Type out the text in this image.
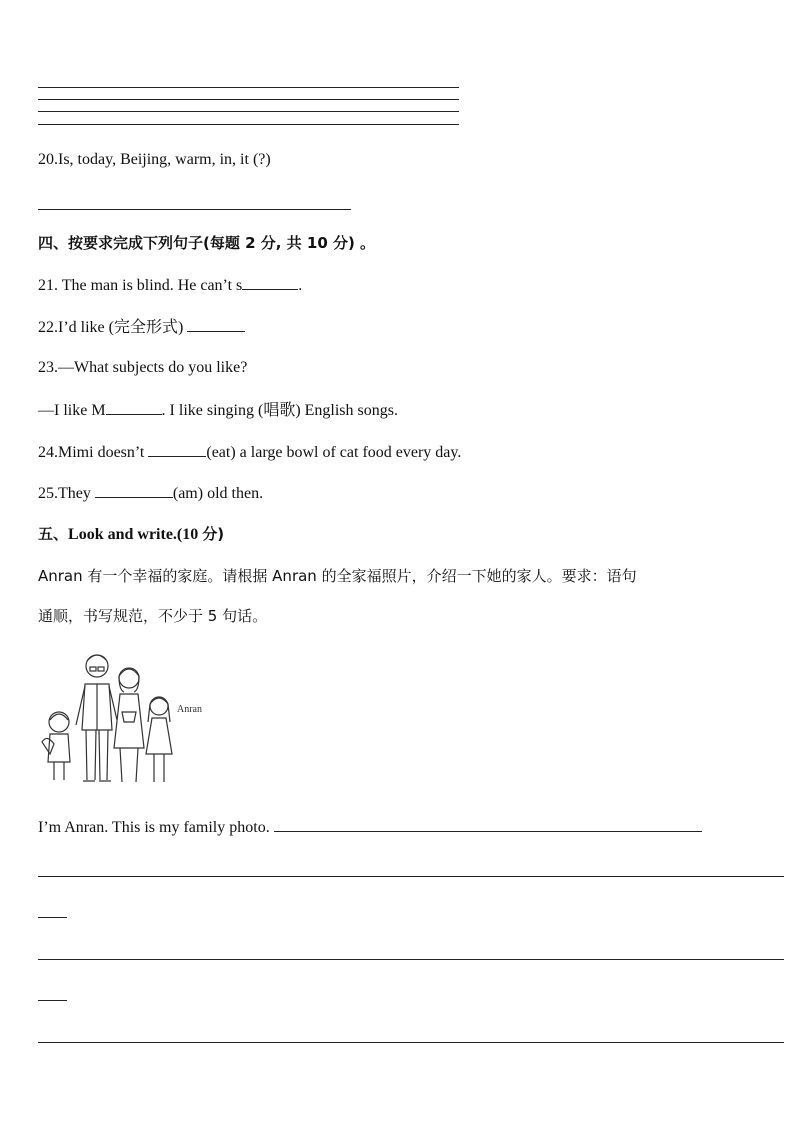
20.Is, today, Beijing, warm, in, it (?)
四、按要求完成下列句子(每题 2 分, 共 10 分) 。
21. The man is blind. He can’t s	.
22.I’d like (完全形式)
23.—What subjects do you like?
—I like M	. I like singing (唱歌) English songs.
24.Mimi doesn’t	(eat) a large bowl of cat food every day.
25.They	(am) old then.
五、Look and write.(10 分)
Anran 有一个幸福的家庭。请根据 Anran 的全家福照片，介绍一下她的家人。要求：语句
通顺，书写规范，不少于 5 句话。
Anran
I’m Anran. This is my family photo.
